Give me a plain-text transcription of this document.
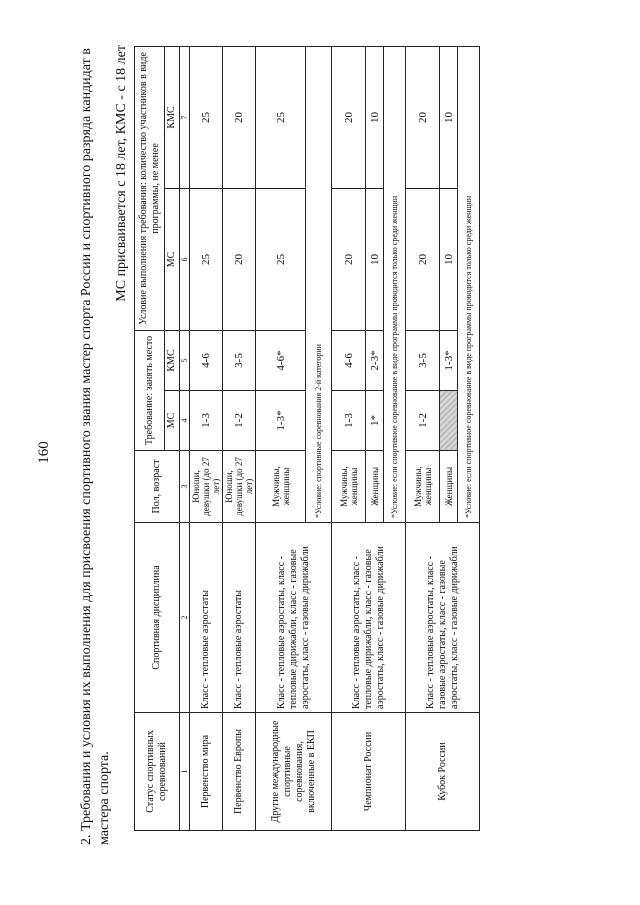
160 2. Требования и условия их выполнения для присвоения спортивного звания мастер спорта России и спортивного разряда кандидат в мастера спорта.
МС присваивается с 18 лет, КМС - с 18 лет
Статус спортивных соревнований	Спортивная дисциплина	Пол, возраст	Требование: занять место		Условие выполнения требования: количество участников в виде программы, не менее	
			МС	КМС	МС	КМС
1	2	3	4	5	6	7
Первенство мира	Класс - тепловые аэростаты	Юноши, девушки (до 27 лет)	1-3	4-6	25	25
Первенство Европы	Класс - тепловые аэростаты	Юноши, девушки (до 27 лет)	1-2	3-5	20	20
Другие международные спортивные соревнования, включенные в ЕКП	Класс - тепловые аэростаты, класс - тепловые дирижабли, класс - газовые аэростаты, класс - газовые дирижабли	Мужчины, женщины	1-3*	4-6*	25	25
		*Условие: спортивные соревнования 2-й категории				
Чемпионат России	Класс - тепловые аэростаты, класс - тепловые дирижабли, класс - газовые аэростаты, класс - газовые дирижабли	Мужчины, женщины	1-3	4-6	20	20
		Женщины	1*	2-3*	10	10
		*Условие: если спортивное соревнование в виде программы проводится только среди женщин				
Кубок России	Класс - тепловые аэростаты, класс - газовые аэростаты, класс - газовые аэростаты, класс - газовые дирижабли	Мужчины, женщины	1-2	3-5	20	20
		Женщины		1-3*	10	10
		*Условие: если спортивное соревнование в виде программы проводится только среди женщин				
